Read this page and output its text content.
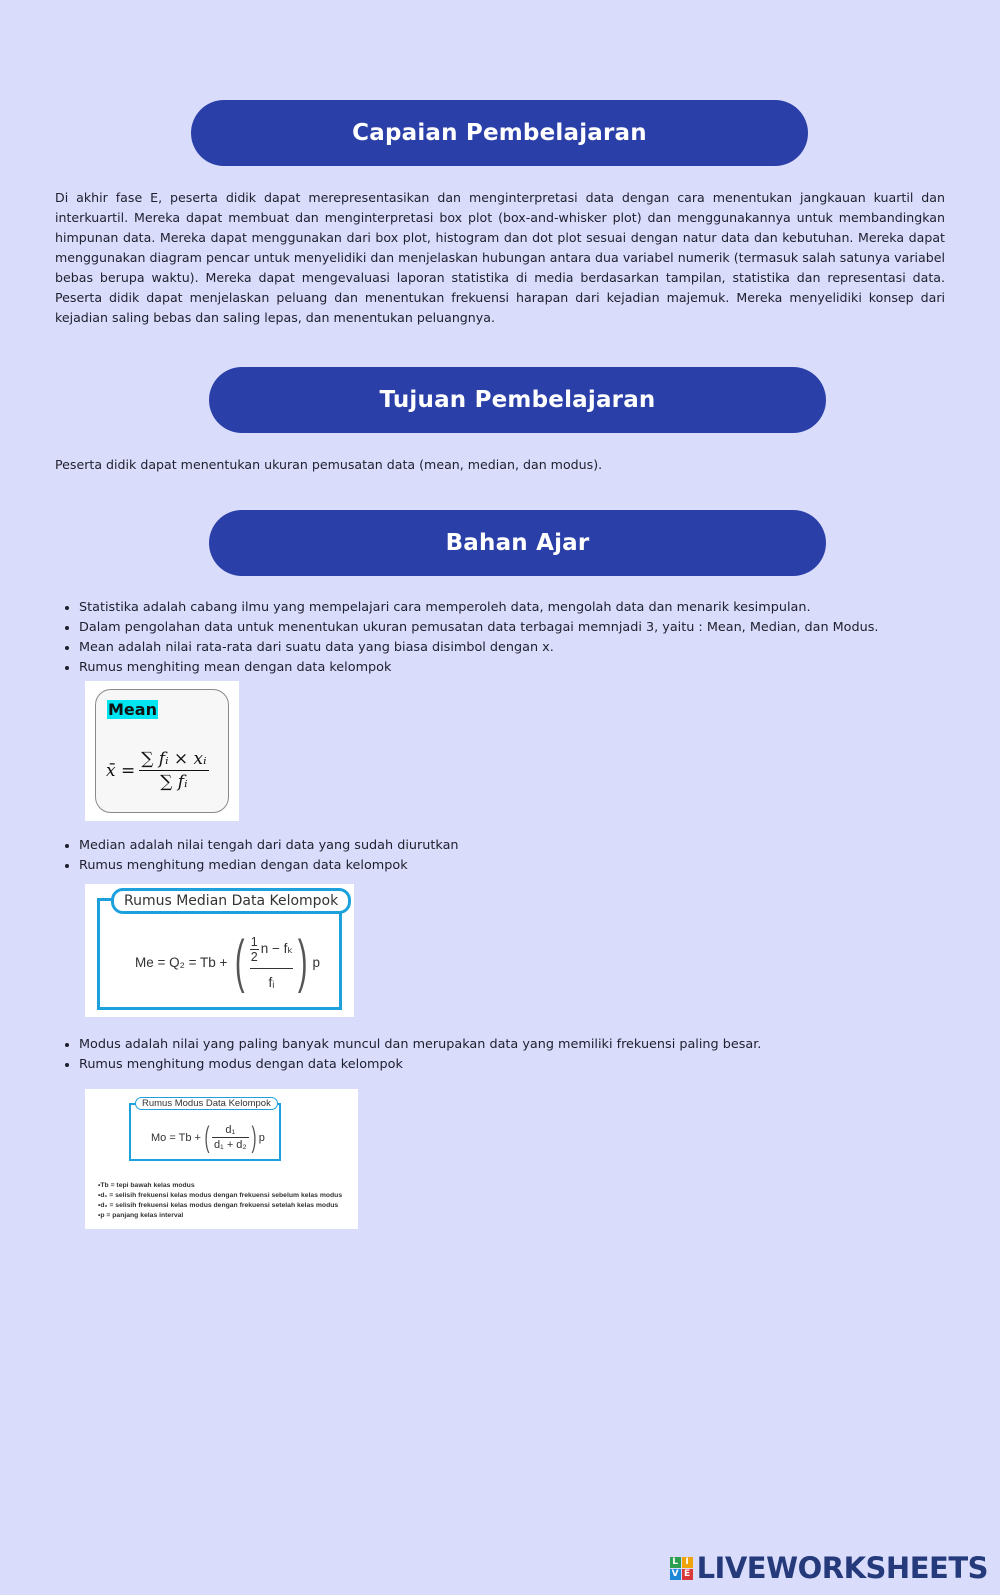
Capaian Pembelajaran
Di akhir fase E, peserta didik dapat merepresentasikan dan menginterpretasi data dengan cara menentukan jangkauan kuartil dan interkuartil. Mereka dapat membuat dan menginterpretasi box plot (box-and-whisker plot) dan menggunakannya untuk membandingkan himpunan data. Mereka dapat menggunakan dari box plot, histogram dan dot plot sesuai dengan natur data dan kebutuhan. Mereka dapat menggunakan diagram pencar untuk menyelidiki dan menjelaskan hubungan antara dua variabel numerik (termasuk salah satunya variabel bebas berupa waktu). Mereka dapat mengevaluasi laporan statistika di media berdasarkan tampilan, statistika dan representasi data. Peserta didik dapat menjelaskan peluang dan menentukan frekuensi harapan dari kejadian majemuk. Mereka menyelidiki konsep dari kejadian saling bebas dan saling lepas, dan menentukan peluangnya.
Tujuan Pembelajaran
Peserta didik dapat menentukan ukuran pemusatan data (mean, median, dan modus).
Bahan Ajar
• Statistika adalah cabang ilmu yang mempelajari cara memperoleh data, mengolah data dan menarik kesimpulan.
• Dalam pengolahan data untuk menentukan ukuran pemusatan data terbagai memnjadi 3, yaitu : Mean, Median, dan Modus.
• Mean adalah nilai rata-rata dari suatu data yang biasa disimbol dengan x.
• Rumus menghiting mean dengan data kelompok
Mean
x̄ = $\frac{\text{∑ fᵢ × xᵢ}}{\text{∑ fᵢ}}$
• Median adalah nilai tengah dari data yang sudah diurutkan
• Rumus menghitung median dengan data kelompok
Rumus Median Data Kelompok
Me = Q₂ = Tb + ( $\frac{\frac{1}{2} n - f_k}{\text{fᵢ}}$ ) p
• Modus adalah nilai yang paling banyak muncul dan merupakan data yang memiliki frekuensi paling besar.
• Rumus menghitung modus dengan data kelompok
Rumus Modus Data Kelompok
Mo = Tb + ( $\frac{\text{d₁}}{\text{d₁ + d₂}}$ ) p
•Tb = tepi bawah kelas modus
•d₁ = selisih frekuensi kelas modus dengan frekuensi sebelum kelas modus
•d₂ = selisih frekuensi kelas modus dengan frekuensi setelah kelas modus
•p = panjang kelas interval
L I
V E LIVEWORKSHEETS
